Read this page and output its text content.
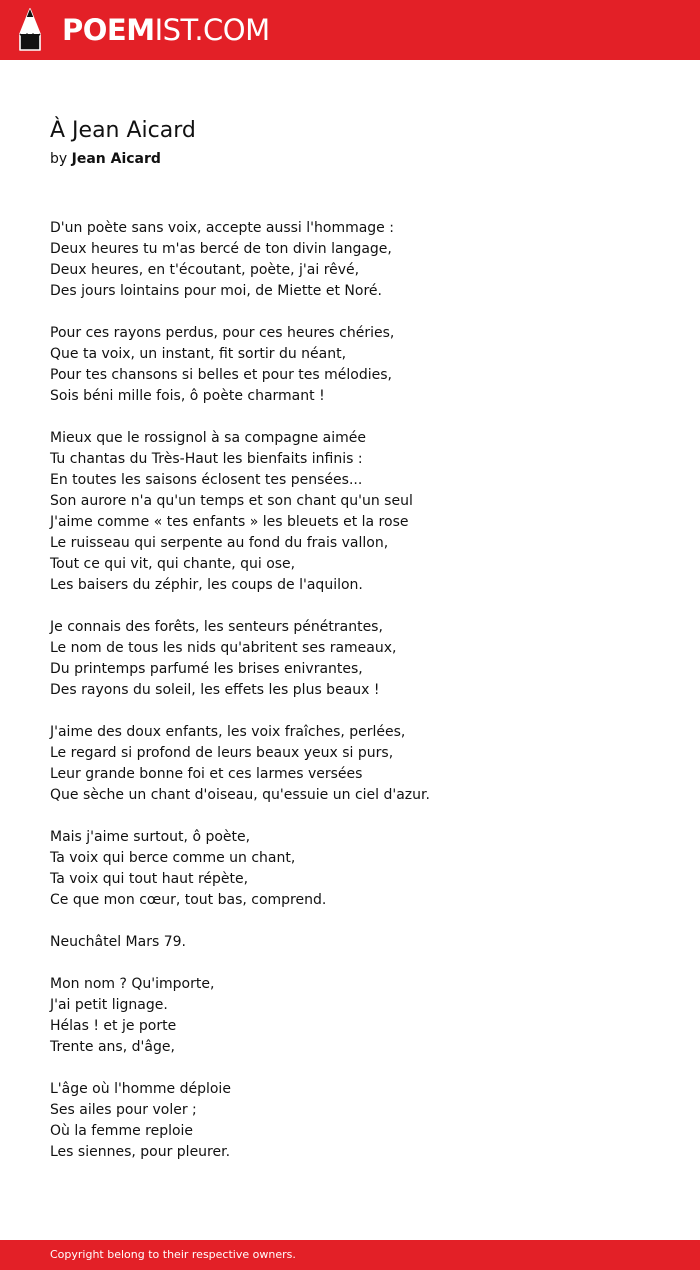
POEMIST.COM
À Jean Aicard
by Jean Aicard
D'un poète sans voix, accepte aussi l'hommage :
Deux heures tu m'as bercé de ton divin langage,
Deux heures, en t'écoutant, poète, j'ai rêvé,
Des jours lointains pour moi, de Miette et Noré.
Pour ces rayons perdus, pour ces heures chéries,
Que ta voix, un instant, fit sortir du néant,
Pour tes chansons si belles et pour tes mélodies,
Sois béni mille fois, ô poète charmant !
Mieux que le rossignol à sa compagne aimée
Tu chantas du Très-Haut les bienfaits infinis :
En toutes les saisons éclosent tes pensées...
Son aurore n'a qu'un temps et son chant qu'un seul
J'aime comme « tes enfants » les bleuets et la rose
Le ruisseau qui serpente au fond du frais vallon,
Tout ce qui vit, qui chante, qui ose,
Les baisers du zéphir, les coups de l'aquilon.
Je connais des forêts, les senteurs pénétrantes,
Le nom de tous les nids qu'abritent ses rameaux,
Du printemps parfumé les brises enivrantes,
Des rayons du soleil, les effets les plus beaux !
J'aime des doux enfants, les voix fraîches, perlées,
Le regard si profond de leurs beaux yeux si purs,
Leur grande bonne foi et ces larmes versées
Que sèche un chant d'oiseau, qu'essuie un ciel d'azur.
Mais j'aime surtout, ô poète,
Ta voix qui berce comme un chant,
Ta voix qui tout haut répète,
Ce que mon cœur, tout bas, comprend.
Neuchâtel Mars 79.
Mon nom ? Qu'importe,
J'ai petit lignage.
Hélas ! et je porte
Trente ans, d'âge,
L'âge où l'homme déploie
Ses ailes pour voler ;
Où la femme reploie
Les siennes, pour pleurer.
Copyright belong to their respective owners.
